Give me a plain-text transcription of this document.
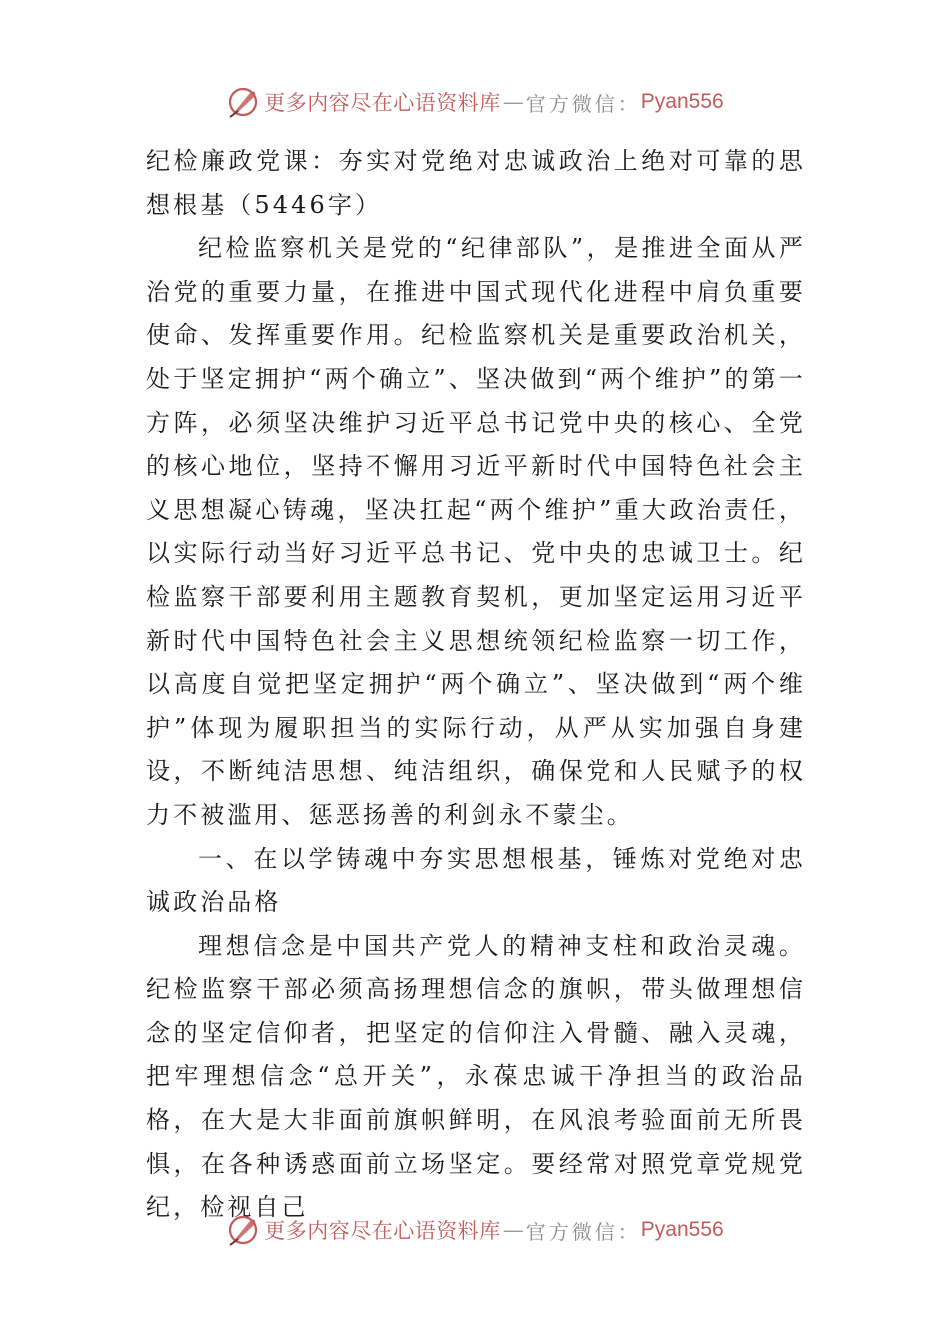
更多内容尽在心语资料库 — 官方微信： Pyan556

纪检廉政党课：夯实对党绝对忠诚政治上绝对可靠的思想根基（5446字）

纪检监察机关是党的“纪律部队”，是推进全面从严治党的重要力量，在推进中国式现代化进程中肩负重要使命、发挥重要作用。纪检监察机关是重要政治机关，处于坚定拥护“两个确立”、坚决做到“两个维护”的第一方阵，必须坚决维护习近平总书记党中央的核心、全党的核心地位，坚持不懈用习近平新时代中国特色社会主义思想凝心铸魂，坚决扛起“两个维护”重大政治责任，以实际行动当好习近平总书记、党中央的忠诚卫士。纪检监察干部要利用主题教育契机，更加坚定运用习近平新时代中国特色社会主义思想统领纪检监察一切工作，以高度自觉把坚定拥护“两个确立”、坚决做到“两个维护”体现为履职担当的实际行动，从严从实加强自身建设，不断纯洁思想、纯洁组织，确保党和人民赋予的权力不被滥用、惩恶扬善的利剑永不蒙尘。

一、在以学铸魂中夯实思想根基，锤炼对党绝对忠诚政治品格

理想信念是中国共产党人的精神支柱和政治灵魂。纪检监察干部必须高扬理想信念的旗帜，带头做理想信念的坚定信仰者，把坚定的信仰注入骨髓、融入灵魂，把牢理想信念“总开关”，永葆忠诚干净担当的政治品格，在大是大非面前旗帜鲜明，在风浪考验面前无所畏惧，在各种诱惑面前立场坚定。要经常对照党章党规党纪，检视自己

更多内容尽在心语资料库 — 官方微信： Pyan556
